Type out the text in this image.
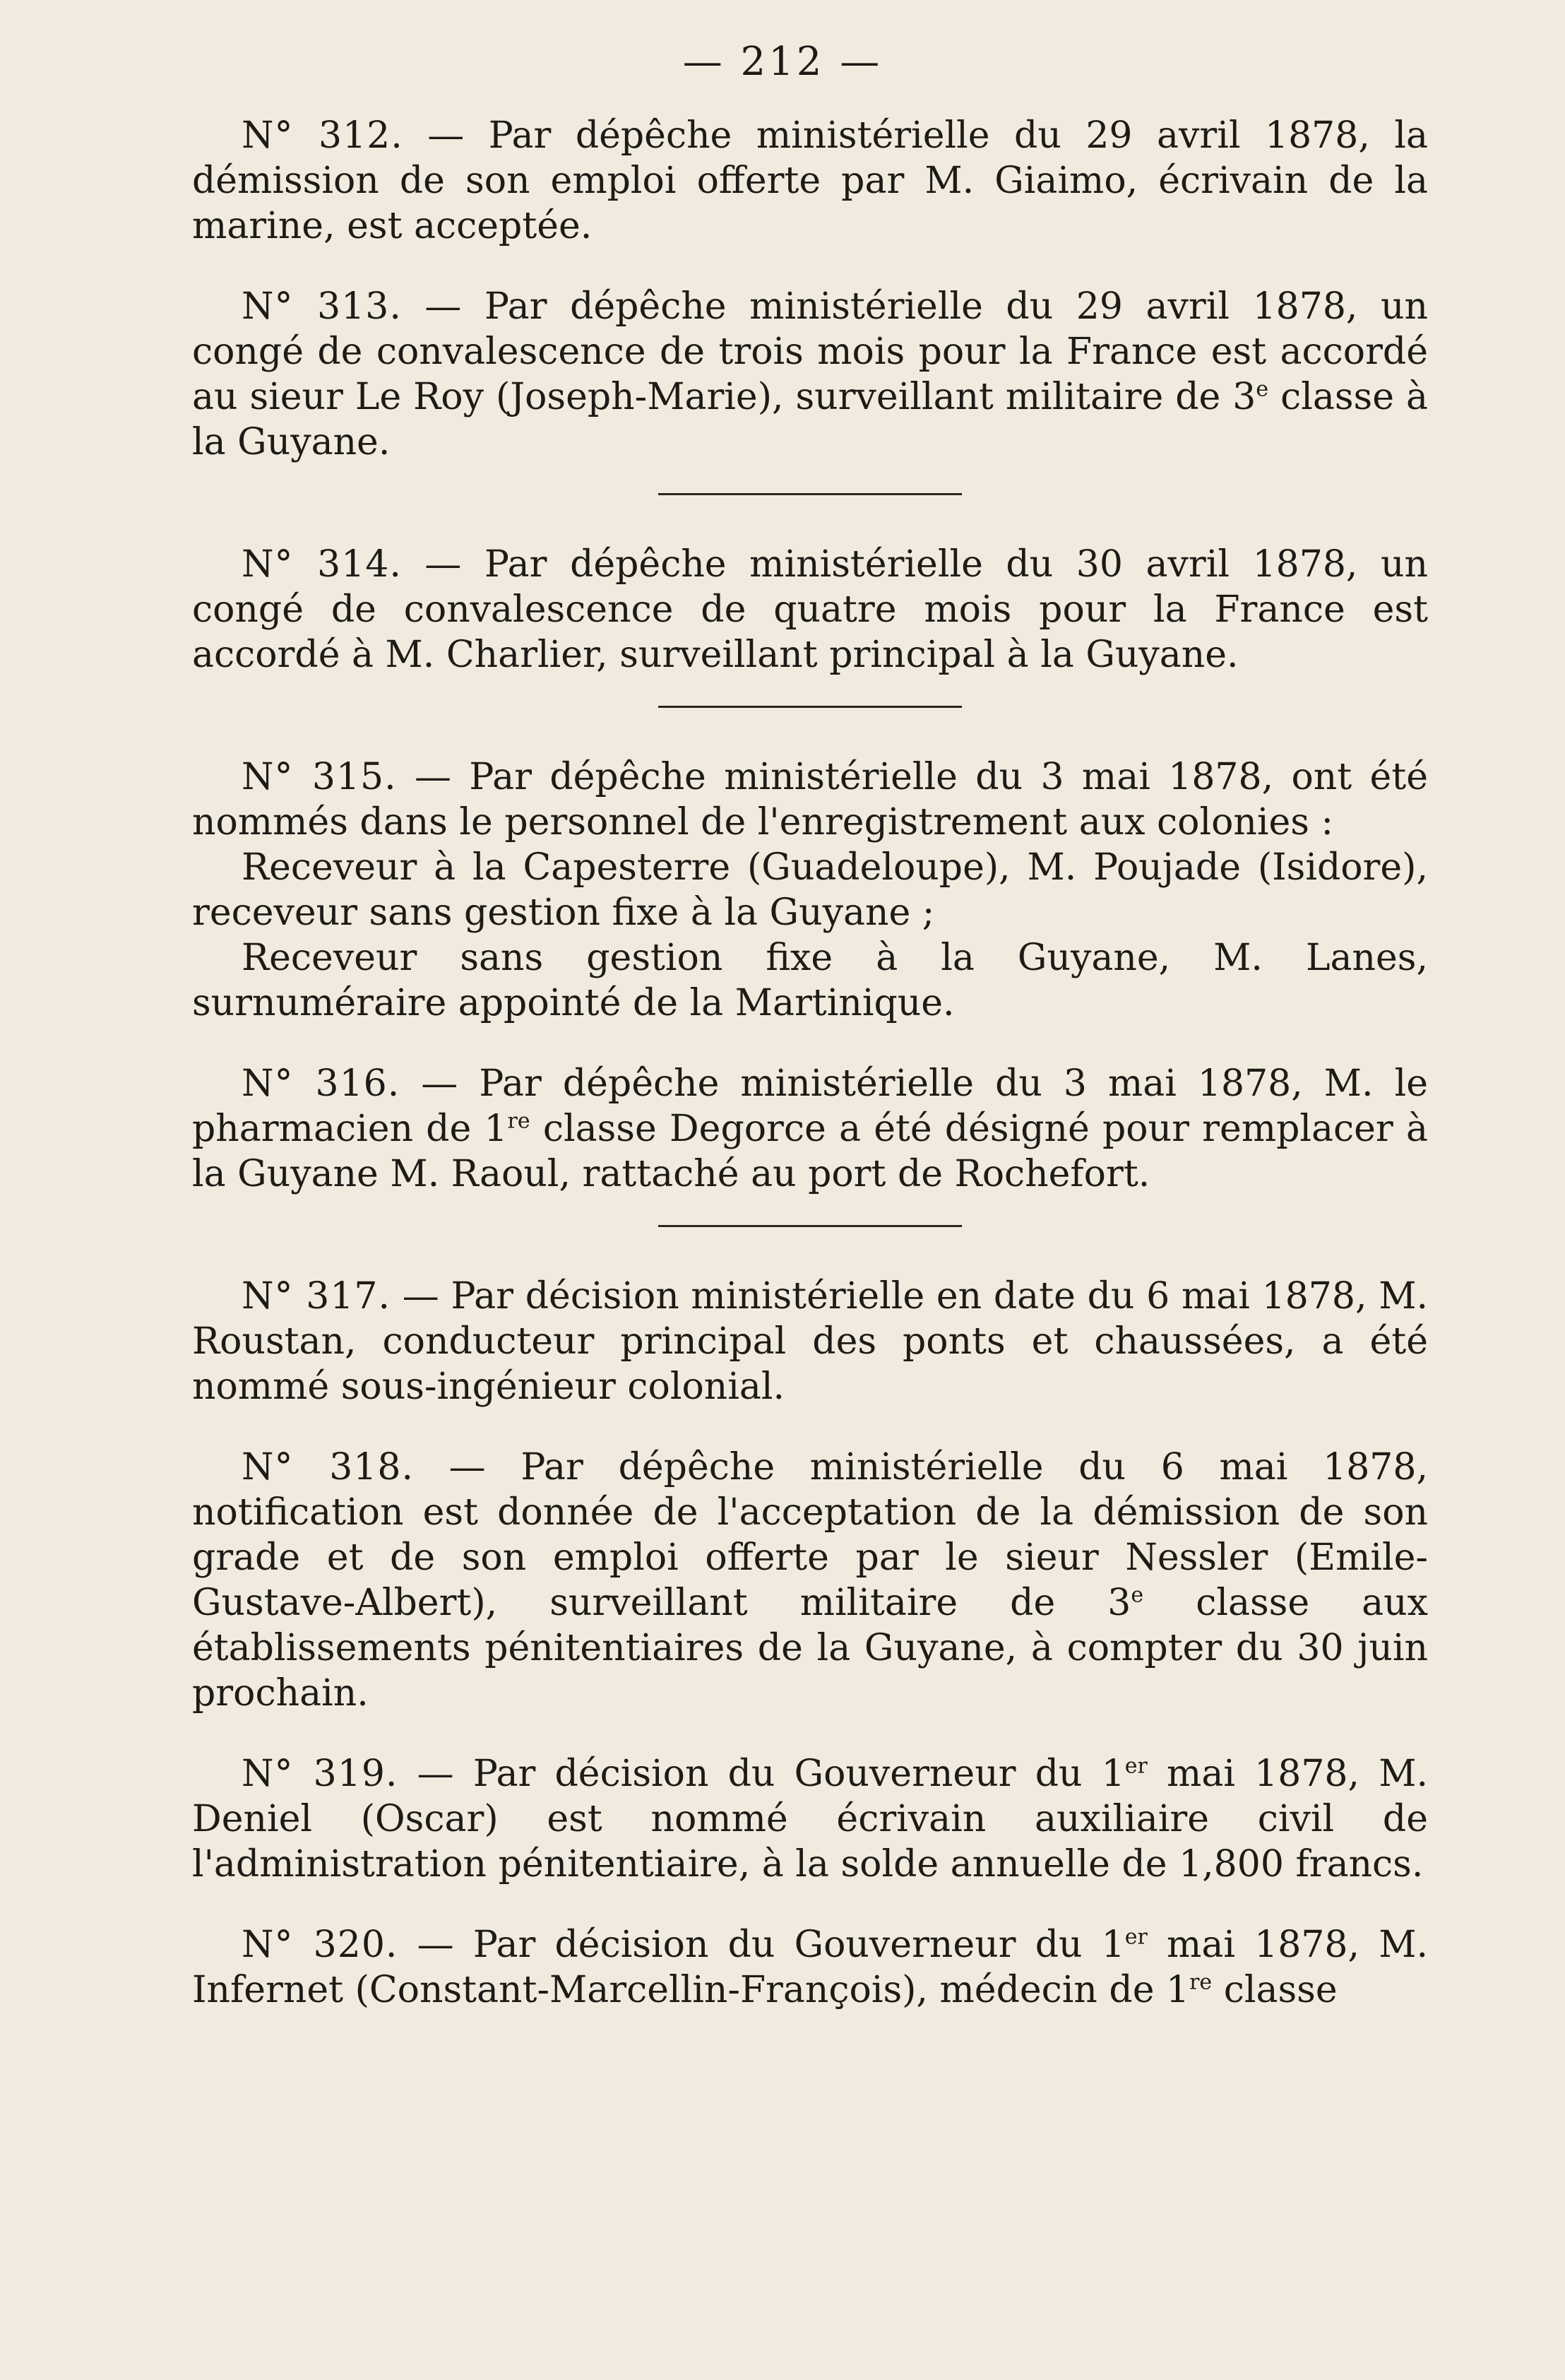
— 212 —

N° 312. — Par dépêche ministérielle du 29 avril 1878, la démission de son emploi offerte par M. Giaimo, écrivain de la marine, est acceptée.

N° 313. — Par dépêche ministérielle du 29 avril 1878, un congé de convalescence de trois mois pour la France est accordé au sieur Le Roy (Joseph-Marie), surveillant militaire de 3e classe à la Guyane.

N° 314. — Par dépêche ministérielle du 30 avril 1878, un congé de convalescence de quatre mois pour la France est accordé à M. Charlier, surveillant principal à la Guyane.

N° 315. — Par dépêche ministérielle du 3 mai 1878, ont été nommés dans le personnel de l'enregistrement aux colonies :

Receveur à la Capesterre (Guadeloupe), M. Poujade (Isidore), receveur sans gestion fixe à la Guyane ;

Receveur sans gestion fixe à la Guyane, M. Lanes, surnuméraire appointé de la Martinique.

N° 316. — Par dépêche ministérielle du 3 mai 1878, M. le pharmacien de 1re classe Degorce a été désigné pour remplacer à la Guyane M. Raoul, rattaché au port de Rochefort.

N° 317. — Par décision ministérielle en date du 6 mai 1878, M. Roustan, conducteur principal des ponts et chaussées, a été nommé sous-ingénieur colonial.

N° 318. — Par dépêche ministérielle du 6 mai 1878, notification est donnée de l'acceptation de la démission de son grade et de son emploi offerte par le sieur Nessler (Emile-Gustave-Albert), surveillant militaire de 3e classe aux établissements pénitentiaires de la Guyane, à compter du 30 juin prochain.

N° 319. — Par décision du Gouverneur du 1er mai 1878, M. Deniel (Oscar) est nommé écrivain auxiliaire civil de l'administration pénitentiaire, à la solde annuelle de 1,800 francs.

N° 320. — Par décision du Gouverneur du 1er mai 1878, M. Infernet (Constant-Marcellin-François), médecin de 1re classe
